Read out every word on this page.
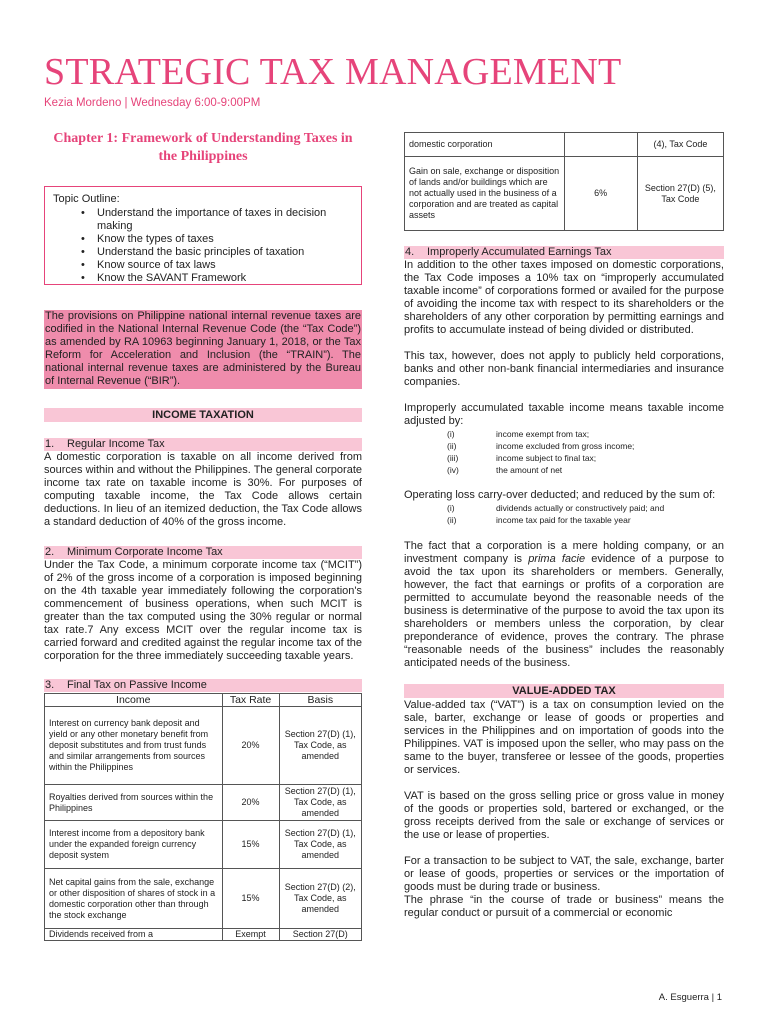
STRATEGIC TAX MANAGEMENT
Kezia Mordeno | Wednesday 6:00-9:00PM
Chapter 1: Framework of Understanding Taxes in
the Philippines
Topic Outline:
• Understand the importance of taxes in decision making
• Know the types of taxes
• Understand the basic principles of taxation
• Know source of tax laws
• Know the SAVANT Framework
The provisions on Philippine national internal revenue taxes are codified in the National Internal Revenue Code (the “Tax Code”) as amended by RA 10963 beginning January 1, 2018, or the Tax Reform for Acceleration and Inclusion (the “TRAIN”). The national internal revenue taxes are administered by the Bureau of Internal Revenue (“BIR”).
INCOME TAXATION
1. Regular Income Tax
A domestic corporation is taxable on all income derived from sources within and without the Philippines. The general corporate income tax rate on taxable income is 30%. For purposes of computing taxable income, the Tax Code allows certain deductions. In lieu of an itemized deduction, the Tax Code allows a standard deduction of 40% of the gross income.
2. Minimum Corporate Income Tax
Under the Tax Code, a minimum corporate income tax (“MCIT”) of 2% of the gross income of a corporation is imposed beginning on the 4th taxable year immediately following the corporation's commencement of business operations, when such MCIT is greater than the tax computed using the 30% regular or normal tax rate.7 Any excess MCIT over the regular income tax is carried forward and credited against the regular income tax of the corporation for the three immediately succeeding taxable years.
3. Final Tax on Passive Income
Income	Tax Rate	Basis
Interest on currency bank deposit and yield or any other monetary benefit from deposit substitutes and from trust funds and similar arrangements from sources within the Philippines	20%	Section 27(D) (1), Tax Code, as amended
Royalties derived from sources within the Philippines	20%	Section 27(D) (1), Tax Code, as amended
Interest income from a depository bank under the expanded foreign currency deposit system	15%	Section 27(D) (1), Tax Code, as amended
Net capital gains from the sale, exchange or other disposition of shares of stock in a domestic corporation other than through the stock exchange	15%	Section 27(D) (2), Tax Code, as amended
Dividends received from a	Exempt	Section 27(D)
domestic corporation		(4), Tax Code
Gain on sale, exchange or disposition of lands and/or buildings which are not actually used in the business of a corporation and are treated as capital assets	6%	Section 27(D) (5), Tax Code
4. Improperly Accumulated Earnings Tax
In addition to the other taxes imposed on domestic corporations, the Tax Code imposes a 10% tax on “improperly accumulated taxable income” of corporations formed or availed for the purpose of avoiding the income tax with respect to its shareholders or the shareholders of any other corporation by permitting earnings and profits to accumulate instead of being divided or distributed.
This tax, however, does not apply to publicly held corporations, banks and other non-bank financial intermediaries and insurance companies.
Improperly accumulated taxable income means taxable income adjusted by:
(i)	income exempt from tax;
(ii)	income excluded from gross income;
(iii)	income subject to final tax;
(iv)	the amount of net
Operating loss carry-over deducted; and reduced by the sum of:
(i)	dividends actually or constructively paid; and
(ii)	income tax paid for the taxable year
The fact that a corporation is a mere holding company, or an investment company is prima facie evidence of a purpose to avoid the tax upon its shareholders or members. Generally, however, the fact that earnings or profits of a corporation are permitted to accumulate beyond the reasonable needs of the business is determinative of the purpose to avoid the tax upon its shareholders or members unless the corporation, by clear preponderance of evidence, proves the contrary. The phrase “reasonable needs of the business” includes the reasonably anticipated needs of the business.
VALUE-ADDED TAX
Value-added tax (“VAT”) is a tax on consumption levied on the sale, barter, exchange or lease of goods or properties and services in the Philippines and on importation of goods into the Philippines. VAT is imposed upon the seller, who may pass on the same to the buyer, transferee or lessee of the goods, properties or services.
VAT is based on the gross selling price or gross value in money of the goods or properties sold, bartered or exchanged, or the gross receipts derived from the sale or exchange of services or the use or lease of properties.
For a transaction to be subject to VAT, the sale, exchange, barter or lease of goods, properties or services or the importation of goods must be during trade or business.
The phrase “in the course of trade or business” means the regular conduct or pursuit of a commercial or economic
A. Esguerra | 1
